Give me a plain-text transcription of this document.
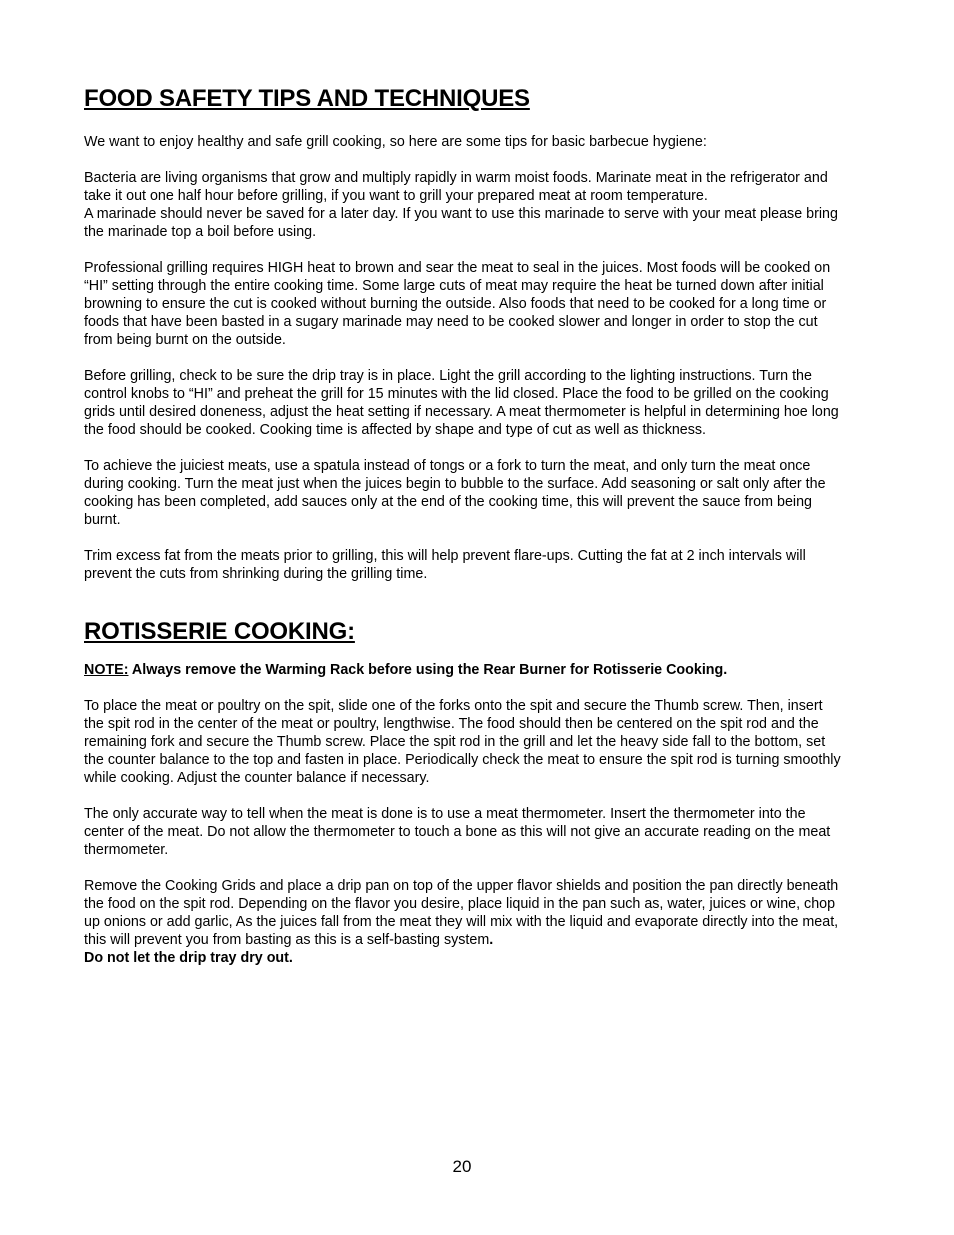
FOOD SAFETY TIPS AND TECHNIQUES

We want to enjoy healthy and safe grill cooking, so here are some tips for basic barbecue hygiene:

Bacteria are living organisms that grow and multiply rapidly in warm moist foods. Marinate meat in the refrigerator and take it out one half hour before grilling, if you want to grill your prepared meat at room temperature.

A marinade should never be saved for a later day. If you want to use this marinade to serve with your meat please bring the marinade top a boil before using.

Professional grilling requires HIGH heat to brown and sear the meat to seal in the juices. Most foods will be cooked on “HI” setting through the entire cooking time. Some large cuts of meat may require the heat be turned down after initial browning to ensure the cut is cooked without burning the outside. Also foods that need to be cooked for a long time or foods that have been basted in a sugary marinade may need to be cooked slower and longer in order to stop the cut from being burnt on the outside.

Before grilling, check to be sure the drip tray is in place. Light the grill according to the lighting instructions. Turn the control knobs to “HI” and preheat the grill for 15 minutes with the lid closed. Place the food to be grilled on the cooking grids until desired doneness, adjust the heat setting if necessary. A meat thermometer is helpful in determining hoe long the food should be cooked. Cooking time is affected by shape and type of cut as well as thickness.

To achieve the juiciest meats, use a spatula instead of tongs or a fork to turn the meat, and only turn the meat once during cooking. Turn the meat just when the juices begin to bubble to the surface. Add seasoning or salt only after the cooking has been completed, add sauces only at the end of the cooking time, this will prevent the sauce from being burnt.

Trim excess fat from the meats prior to grilling, this will help prevent flare-ups. Cutting the fat at 2 inch intervals will prevent the cuts from shrinking during the grilling time.

ROTISSERIE COOKING:

NOTE: Always remove the Warming Rack before using the Rear Burner for Rotisserie Cooking.

To place the meat or poultry on the spit, slide one of the forks onto the spit and secure the Thumb screw. Then, insert the spit rod in the center of the meat or poultry, lengthwise. The food should then be centered on the spit rod and the remaining fork and secure the Thumb screw. Place the spit rod in the grill and let the heavy side fall to the bottom, set the counter balance to the top and fasten in place. Periodically check the meat to ensure the spit rod is turning smoothly while cooking. Adjust the counter balance if necessary.

The only accurate way to tell when the meat is done is to use a meat thermometer. Insert the thermometer into the center of the meat. Do not allow the thermometer to touch a bone as this will not give an accurate reading on the meat thermometer.

Remove the Cooking Grids and place a drip pan on top of the upper flavor shields and position the pan directly beneath the food on the spit rod. Depending on the flavor you desire, place liquid in the pan such as, water, juices or wine, chop up onions or add garlic, As the juices fall from the meat they will mix with the liquid and evaporate directly into the meat, this will prevent you from basting as this is a self-basting system.

Do not let the drip tray dry out.

20
